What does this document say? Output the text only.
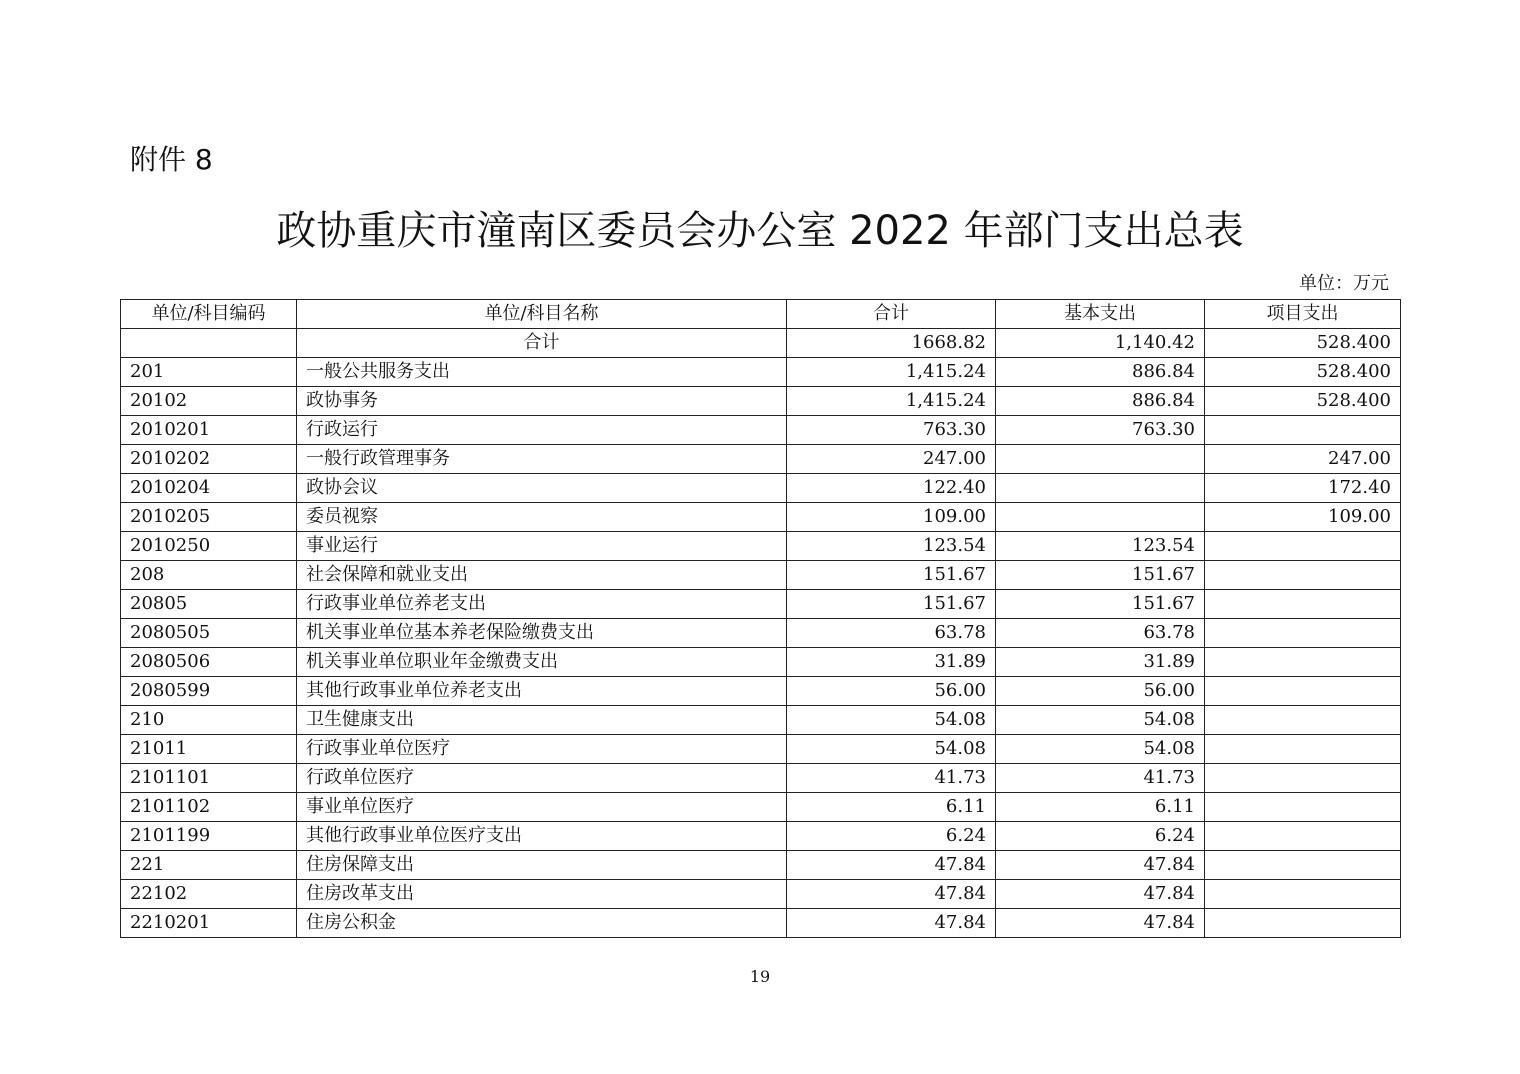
附件 8
政协重庆市潼南区委员会办公室 2022 年部门支出总表
单位：万元
单位/科目编码	单位/科目名称	合计	基本支出	项目支出
	合计	1668.82	1,140.42	528.400
201	一般公共服务支出	1,415.24	886.84	528.400
20102	政协事务	1,415.24	886.84	528.400
2010201	行政运行	763.30	763.30	
2010202	一般行政管理事务	247.00		247.00
2010204	政协会议	122.40		172.40
2010205	委员视察	109.00		109.00
2010250	事业运行	123.54	123.54	
208	社会保障和就业支出	151.67	151.67	
20805	行政事业单位养老支出	151.67	151.67	
2080505	机关事业单位基本养老保险缴费支出	63.78	63.78	
2080506	机关事业单位职业年金缴费支出	31.89	31.89	
2080599	其他行政事业单位养老支出	56.00	56.00	
210	卫生健康支出	54.08	54.08	
21011	行政事业单位医疗	54.08	54.08	
2101101	行政单位医疗	41.73	41.73	
2101102	事业单位医疗	6.11	6.11	
2101199	其他行政事业单位医疗支出	6.24	6.24	
221	住房保障支出	47.84	47.84	
22102	住房改革支出	47.84	47.84	
2210201	住房公积金	47.84	47.84	
19
